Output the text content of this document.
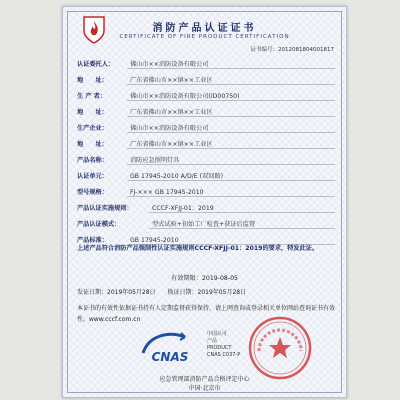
消防产品认证证书
CERTIFICATE OF FIRE PRODUCT CERTIFICATION
证书编号：2012081804001817
认证委托人：	佛山市××消防设备有限公司
地　　址：	广东省佛山市××镇××工业区
生 产 者：	佛山市××消防设备有限公司(ID00750)
地　　址：	广东省佛山市××镇××工业区
生产企业：	佛山市××消防设备有限公司
地　　址：	广东省佛山市××镇××工业区
产品名称：	消防应急照明灯具
认证单元：	GB 17945-2010 A/D/E (双回路)
型号规格：	FJ-××× GB 17945-2010
产品认证实施规则：	CCCF-XFJJ-01：2019
产品认证模式：	型式试验+初始工厂检查+获证后监督
产品标准：	GB 17945-2010
上述产品符合消防产品强制性认证实施规则CCCF-XFJJ-01：2019的要求，特发此证。
有效期限：2019-08-05
发证日期：2019年05月28日　　换证日期：2019年05月28日
本证书的有效性依据证书持有人定期监督获得保持，请上网查询或登录相关单位网站查询证书有效性，www.cccf.com.cn
CNAS
中国认可
产品
PRODUCT
CNAS C037-P
应急管理部消防产品合格评定中心
中国·北京市
